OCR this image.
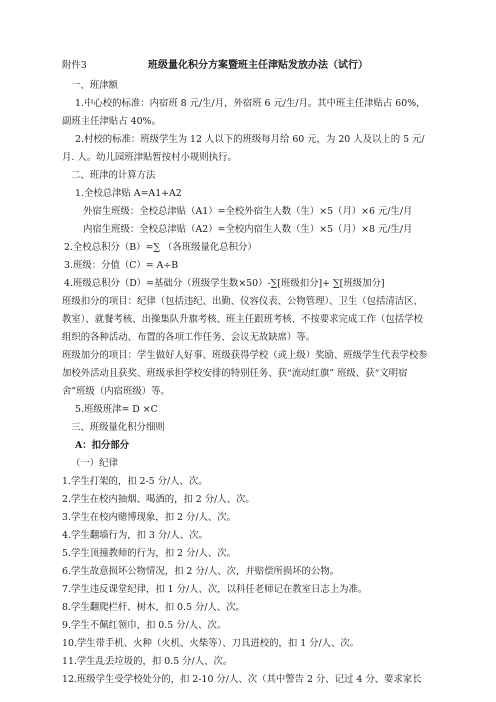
附件3	班级量化积分方案暨班主任津贴发放办法（试行）
一、班津额
1.中心校的标准：内宿班 8 元/生/月，外宿班 6 元/生/月。其中班主任津贴占 60%，
副班主任津贴占 40%。
2.村校的标准：班级学生为 12 人以下的班级每月给 60 元，为 20 人及以上的 5 元/
月. 人。幼儿园班津贴暂按村小规则执行。
二、班津的计算方法
1.全校总津贴 A=A1+A2
外宿生班级：全校总津贴（A1）=全校外宿生人数（生）×5（月）×6 元/生/月
内宿生班级：全校总津贴（A2）=全校内宿生人数（生）×5（月）×8 元/生/月
2.全校总积分（B）=∑ （各班级量化总积分）
3.班级：分值（C）= A÷B
4.班级总积分（D）=基础分（班级学生数×50）-∑[班级扣分]+ ∑[班级加分]
班级扣分的项目：纪律（包括违纪、出勤、仪容仪表、公物管理）、卫生（包括清洁区、
教室）、就餐考核、出操集队升旗考核、班主任跟班考核、不按要求完成工作（包括学校
组织的各种活动、布置的各项工作任务、会议无故缺席）等。
班级加分的项目：学生做好人好事、班级获得学校（或上级）奖励、班级学生代表学校参
加校外活动且获奖、班级承担学校安排的特别任务、获“流动红旗” 班级、获“文明宿
舍”班级（内宿班级）等。
5.班级班津= D ×C
三、班级量化积分细则
A：扣分部分
（一）纪律
1.学生打架的，扣 2-5 分/人、次。
2.学生在校内抽烟、喝酒的，扣 2 分/人、次。
3.学生在校内赌博现象，扣 2 分/人、次。
4.学生翻墙行为，扣 3 分/人、次。
5.学生顶撞教师的行为，扣 2 分/人、次。
6.学生故意损坏公物情况，扣 2 分/人、次，并赔偿所损坏的公物。
7.学生违反课堂纪律，扣 1 分/人、次，以科任老师记在教室日志上为准。
8.学生翻爬栏杆、树木，扣 0.5 分/人、次。
9.学生不佩红领巾，扣 0.5 分/人、次。
10.学生带手机、火种（火机、火柴等）、刀具进校的，扣 1 分/人、次。
11.学生乱丢垃圾的，扣 0.5 分/人、次。
12.班级学生受学校处分的，扣 2-10 分/人、次（其中警告 2 分、记过 4 分、要求家长
